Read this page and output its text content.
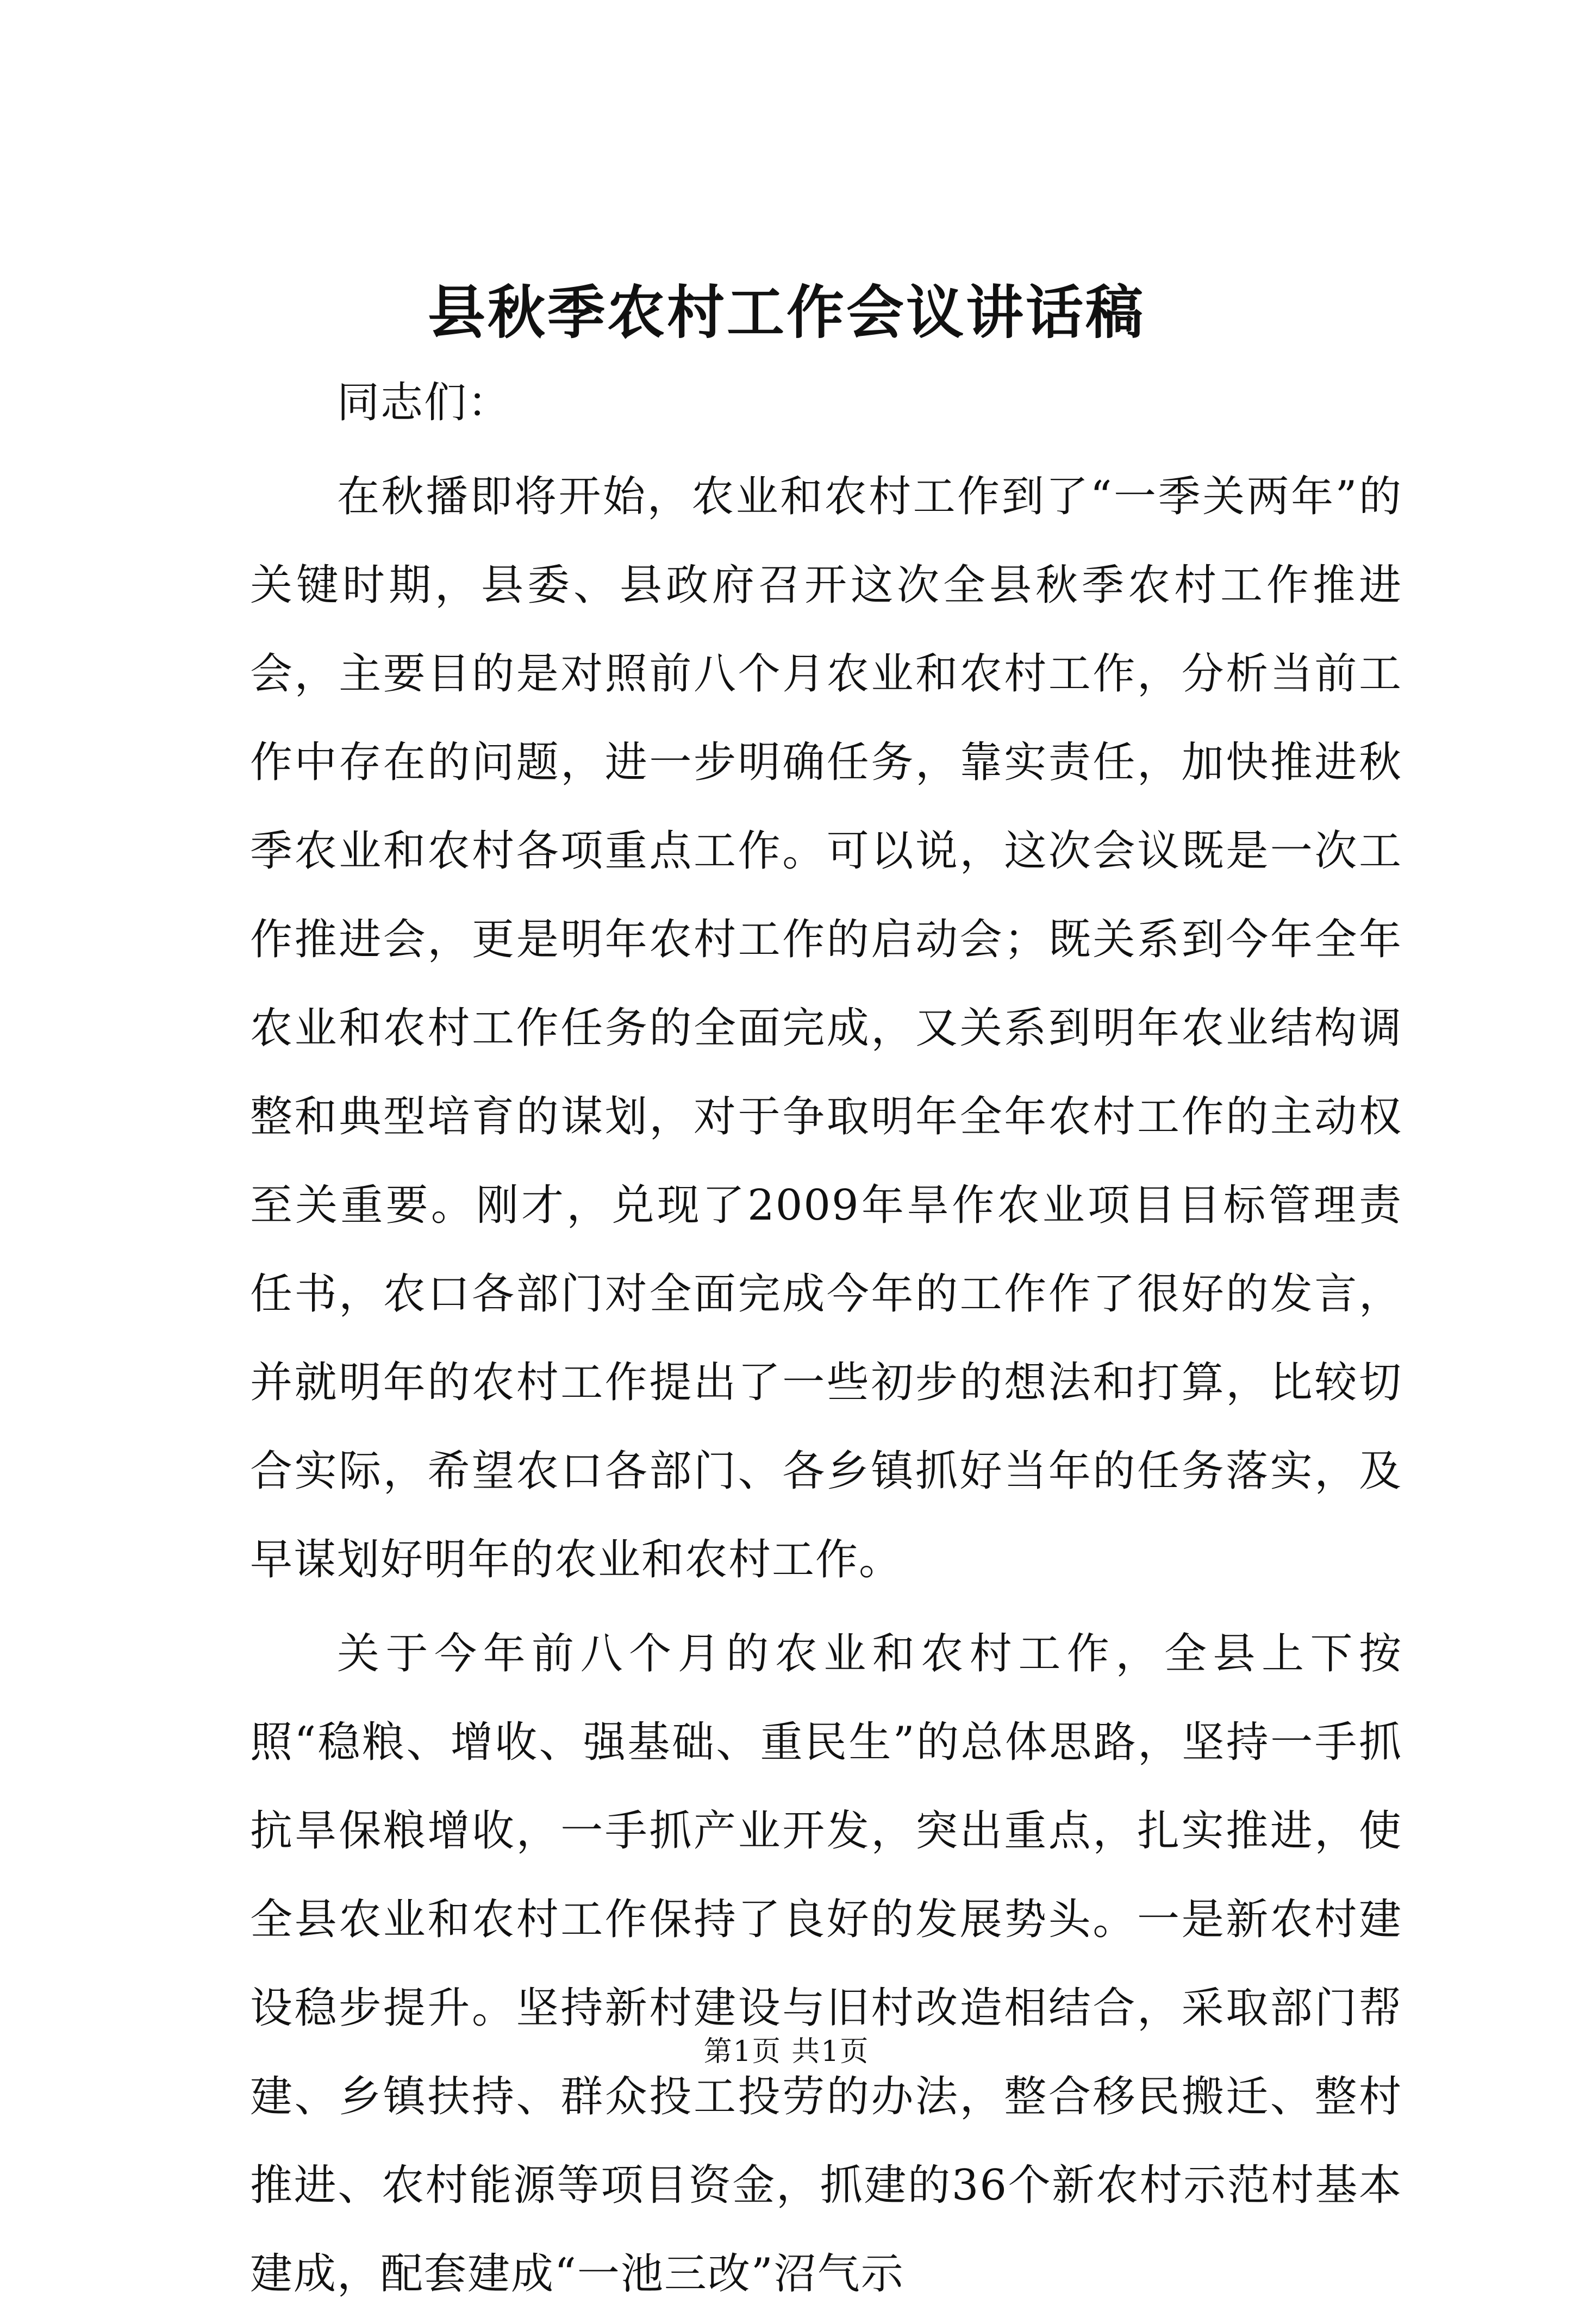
县秋季农村工作会议讲话稿

同志们：

在秋播即将开始，农业和农村工作到了“一季关两年”的关键时期，县委、县政府召开这次全县秋季农村工作推进会，主要目的是对照前八个月农业和农村工作，分析当前工作中存在的问题，进一步明确任务，靠实责任，加快推进秋季农业和农村各项重点工作。可以说，这次会议既是一次工作推进会，更是明年农村工作的启动会；既关系到今年全年农业和农村工作任务的全面完成，又关系到明年农业结构调整和典型培育的谋划，对于争取明年全年农村工作的主动权至关重要。刚才，兑现了2009年旱作农业项目目标管理责任书，农口各部门对全面完成今年的工作作了很好的发言，并就明年的农村工作提出了一些初步的想法和打算，比较切合实际，希望农口各部门、各乡镇抓好当年的任务落实，及早谋划好明年的农业和农村工作。

关于今年前八个月的农业和农村工作，全县上下按照“稳粮、增收、强基础、重民生”的总体思路，坚持一手抓抗旱保粮增收，一手抓产业开发，突出重点，扎实推进，使全县农业和农村工作保持了良好的发展势头。一是新农村建设稳步提升。坚持新村建设与旧村改造相结合，采取部门帮建、乡镇扶持、群众投工投劳的办法，整合移民搬迁、整村推进、农村能源等项目资金，抓建的36个新农村示范村基本建成，配套建成“一池三改”沼气示

第1页 共1页
